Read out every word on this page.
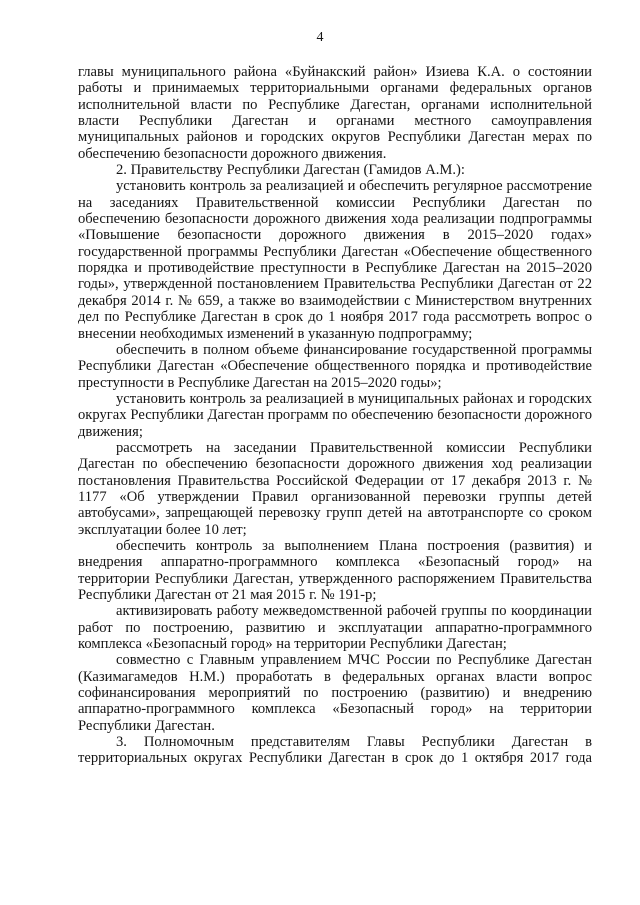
4

главы муниципального района «Буйнакский район» Изиева К.А. о состоянии работы и принимаемых территориальными органами федеральных органов исполнительной власти по Республике Дагестан, органами исполнительной власти Республики Дагестан и органами местного самоуправления муниципальных районов и городских округов Республики Дагестан мерах по обеспечению безопасности дорожного движения.

2. Правительству Республики Дагестан (Гамидов А.М.):

установить контроль за реализацией и обеспечить регулярное рассмотрение на заседаниях Правительственной комиссии Республики Дагестан по обеспечению безопасности дорожного движения хода реализации подпрограммы «Повышение безопасности дорожного движения в 2015–2020 годах» государственной программы Республики Дагестан «Обеспечение общественного порядка и противодействие преступности в Республике Дагестан на 2015–2020 годы», утвержденной постановлением Правительства Республики Дагестан от 22 декабря 2014 г. № 659, а также во взаимодействии с Министерством внутренних дел по Республике Дагестан в срок до 1 ноября 2017 года рассмотреть вопрос о внесении необходимых изменений в указанную подпрограмму;

обеспечить в полном объеме финансирование государственной программы Республики Дагестан «Обеспечение общественного порядка и противодействие преступности в Республике Дагестан на 2015–2020 годы»;

установить контроль за реализацией в муниципальных районах и городских округах Республики Дагестан программ по обеспечению безопасности дорожного движения;

рассмотреть на заседании Правительственной комиссии Республики Дагестан по обеспечению безопасности дорожного движения ход реализации постановления Правительства Российской Федерации от 17 декабря 2013 г. № 1177 «Об утверждении Правил организованной перевозки группы детей автобусами», запрещающей перевозку групп детей на автотранспорте со сроком эксплуатации более 10 лет;

обеспечить контроль за выполнением Плана построения (развития) и внедрения аппаратно-программного комплекса «Безопасный город» на территории Республики Дагестан, утвержденного распоряжением Правительства Республики Дагестан от 21 мая 2015 г. № 191-р;

активизировать работу межведомственной рабочей группы по координации работ по построению, развитию и эксплуатации аппаратно-программного комплекса «Безопасный город» на территории Республики Дагестан;

совместно с Главным управлением МЧС России по Республике Дагестан (Казимагамедов Н.М.) проработать в федеральных органах власти вопрос софинансирования мероприятий по построению (развитию) и внедрению аппаратно-программного комплекса «Безопасный город» на территории Республики Дагестан.

3. Полномочным представителям Главы Республики Дагестан в территориальных округах Республики Дагестан в срок до 1 октября 2017 года
